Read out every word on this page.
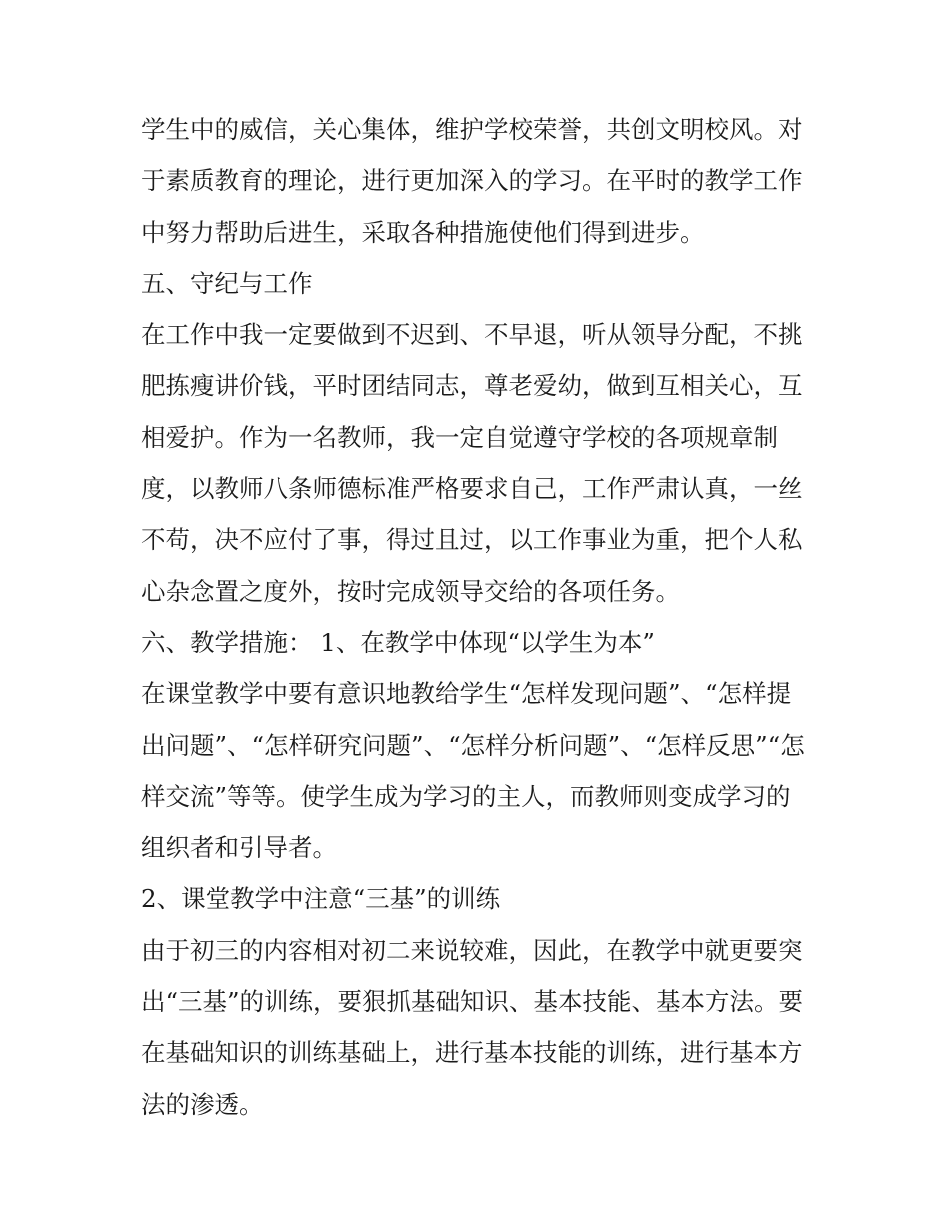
学生中的威信，关心集体，维护学校荣誉，共创文明校风。对
于素质教育的理论，进行更加深入的学习。在平时的教学工作
中努力帮助后进生，采取各种措施使他们得到进步。
五、守纪与工作
在工作中我一定要做到不迟到、不早退，听从领导分配，不挑
肥拣瘦讲价钱，平时团结同志，尊老爱幼，做到互相关心，互
相爱护。作为一名教师，我一定自觉遵守学校的各项规章制
度，以教师八条师德标准严格要求自己，工作严肃认真，一丝
不苟，决不应付了事，得过且过，以工作事业为重，把个人私
心杂念置之度外，按时完成领导交给的各项任务。
六、教学措施： 1、在教学中体现“以学生为本”
在课堂教学中要有意识地教给学生“怎样发现问题”、“怎样提
出问题”、“怎样研究问题”、“怎样分析问题”、“怎样反思”“怎
样交流”等等。使学生成为学习的主人，而教师则变成学习的
组织者和引导者。
2、课堂教学中注意“三基”的训练
由于初三的内容相对初二来说较难，因此，在教学中就更要突
出“三基”的训练，要狠抓基础知识、基本技能、基本方法。要
在基础知识的训练基础上，进行基本技能的训练，进行基本方
法的渗透。
